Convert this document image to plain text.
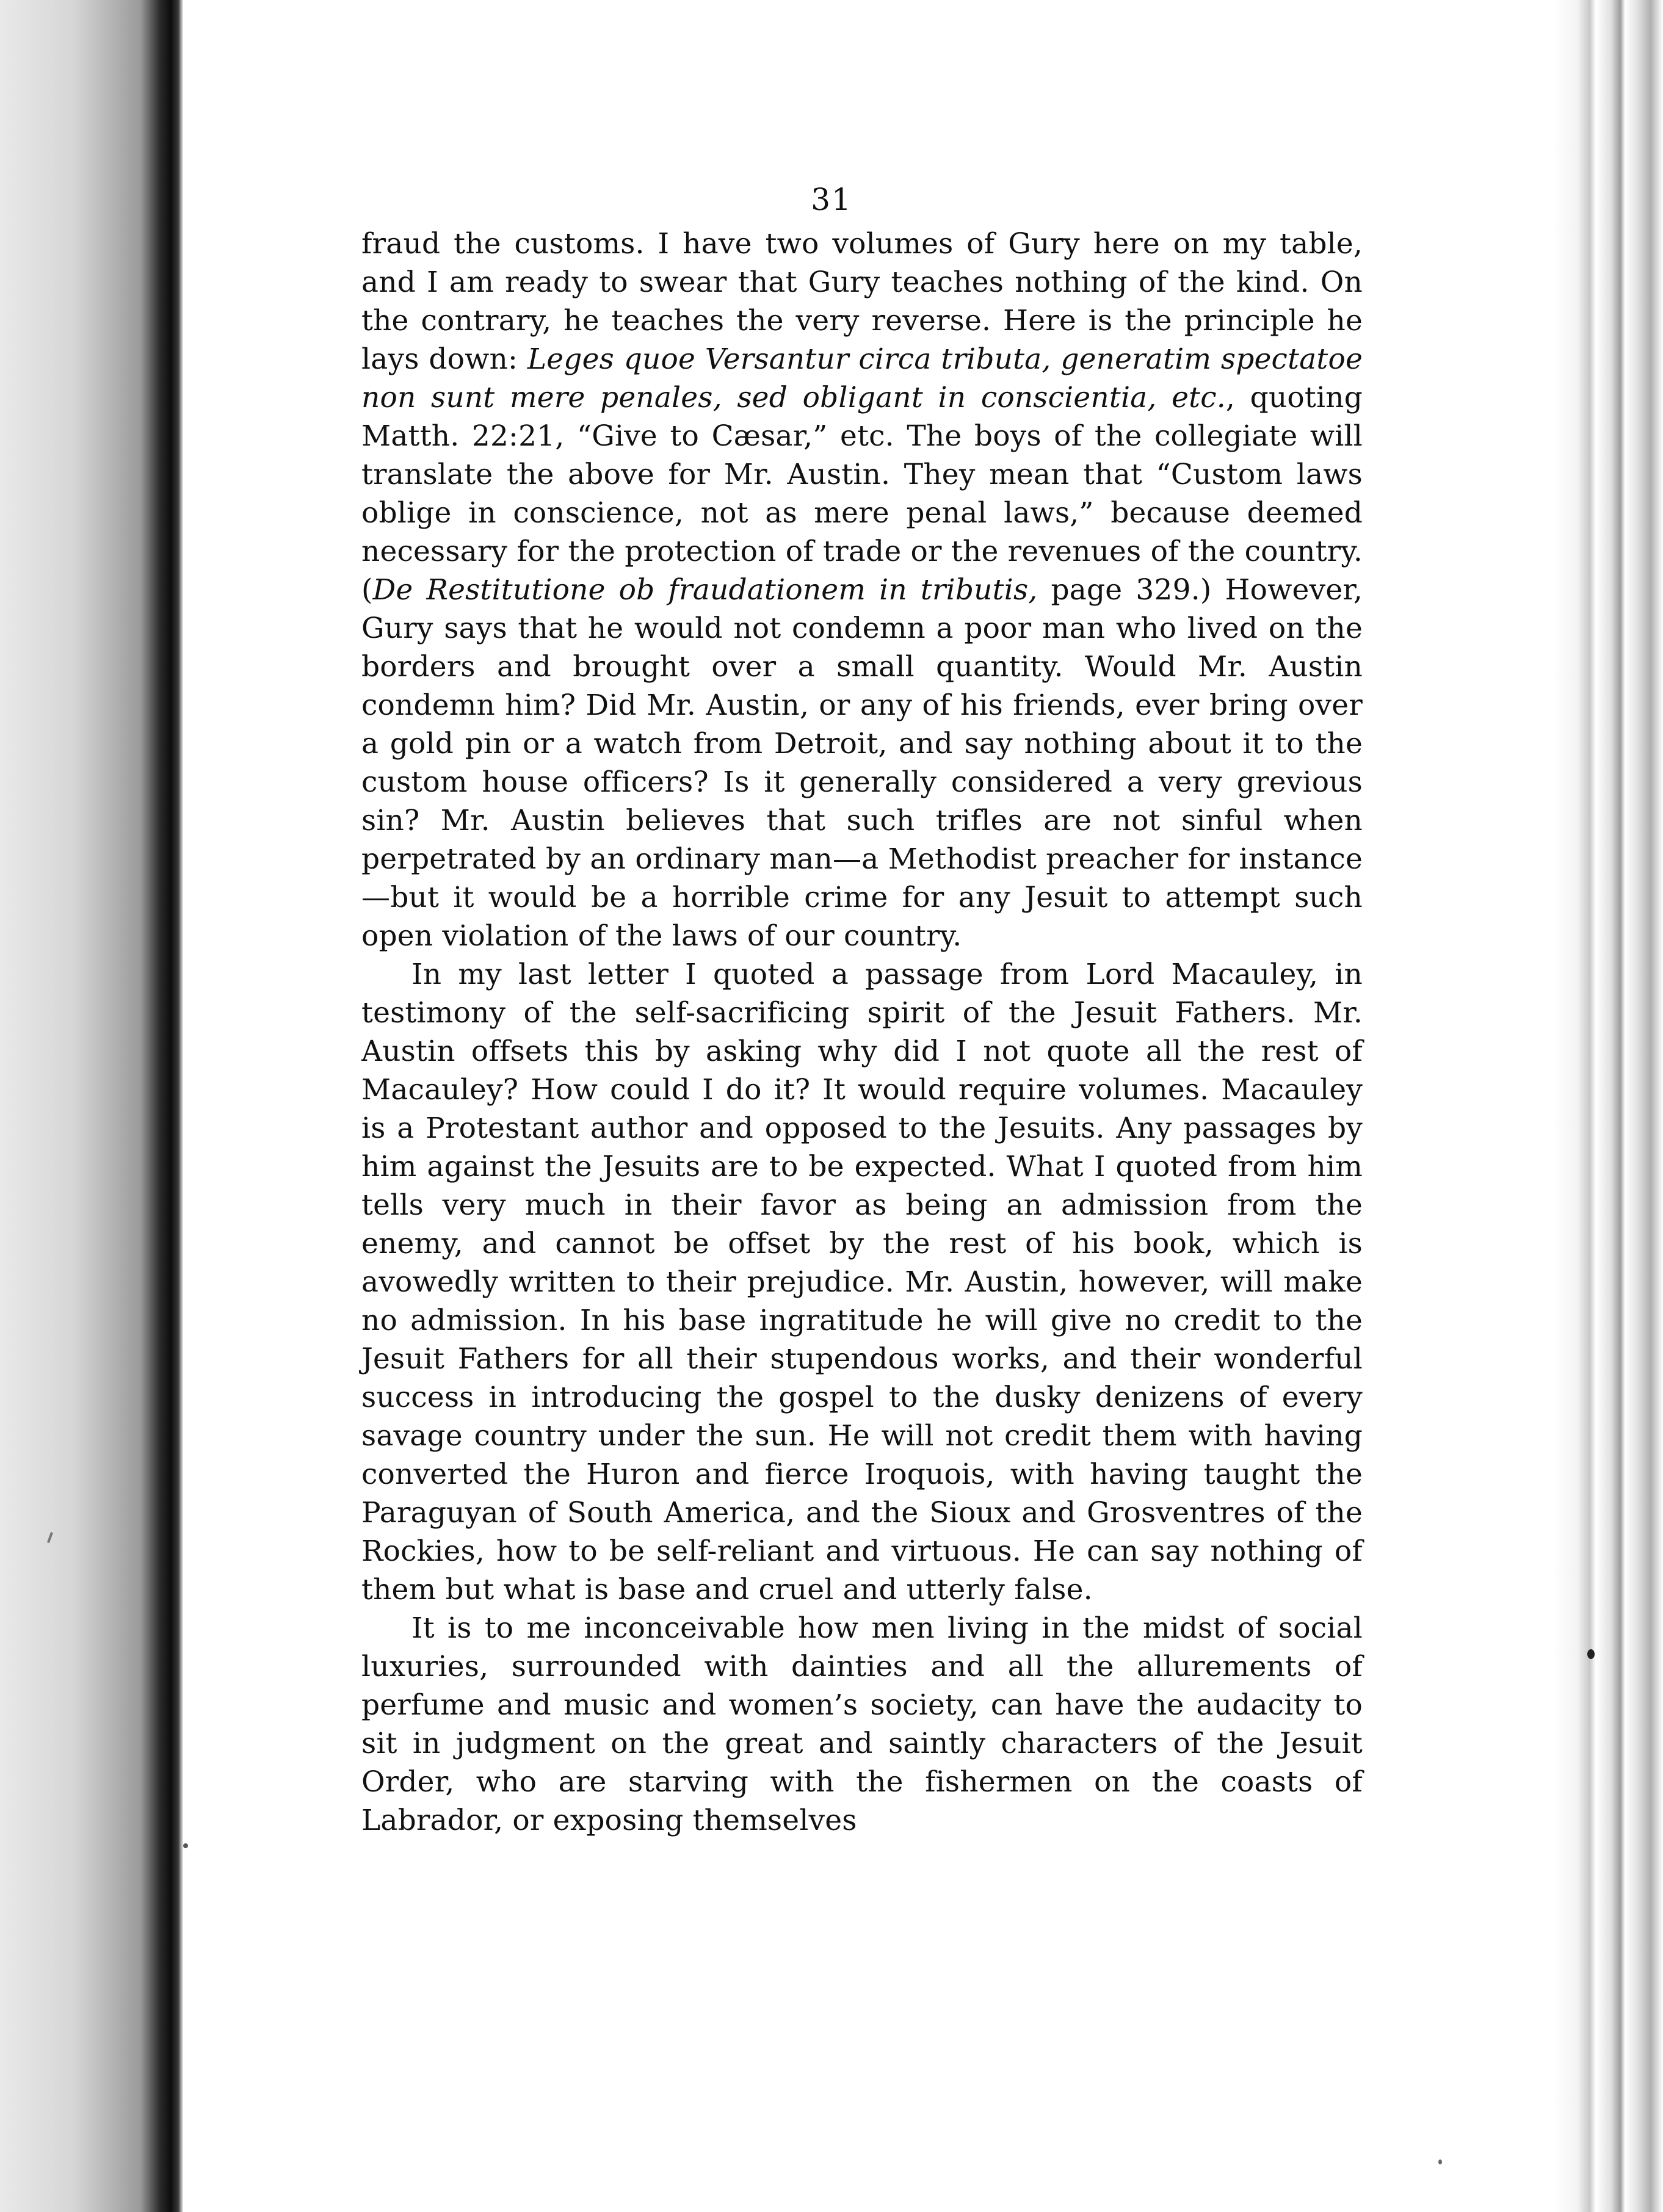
31

fraud the customs. I have two volumes of Gury here on my table, and I am ready to swear that Gury teaches nothing of the kind. On the contrary, he teaches the very reverse. Here is the principle he lays down: Leges quoe Versantur circa tributa, generatim spectatoe non sunt mere penales, sed obligant in conscientia, etc., quoting Matth. 22:21, “Give to Cæsar,” etc. The boys of the collegiate will translate the above for Mr. Austin. They mean that “Custom laws oblige in conscience, not as mere penal laws,” because deemed necessary for the protection of trade or the revenues of the country. (De Restitutione ob fraudationem in tributis, page 329.) However, Gury says that he would not condemn a poor man who lived on the borders and brought over a small quantity. Would Mr. Austin condemn him? Did Mr. Austin, or any of his friends, ever bring over a gold pin or a watch from Detroit, and say nothing about it to the custom house officers? Is it generally considered a very grevious sin? Mr. Austin believes that such trifles are not sinful when perpetrated by an ordinary man—a Methodist preacher for instance—but it would be a horrible crime for any Jesuit to attempt such open violation of the laws of our country.

In my last letter I quoted a passage from Lord Macauley, in testimony of the self-sacrificing spirit of the Jesuit Fathers. Mr. Austin offsets this by asking why did I not quote all the rest of Macauley? How could I do it? It would require volumes. Macauley is a Protestant author and opposed to the Jesuits. Any passages by him against the Jesuits are to be expected. What I quoted from him tells very much in their favor as being an admission from the enemy, and cannot be offset by the rest of his book, which is avowedly written to their prejudice. Mr. Austin, however, will make no admission. In his base ingratitude he will give no credit to the Jesuit Fathers for all their stupendous works, and their wonderful success in introducing the gospel to the dusky denizens of every savage country under the sun. He will not credit them with having converted the Huron and fierce Iroquois, with having taught the Paraguyan of South America, and the Sioux and Grosventres of the Rockies, how to be self-reliant and virtuous. He can say nothing of them but what is base and cruel and utterly false.

It is to me inconceivable how men living in the midst of social luxuries, surrounded with dainties and all the allurements of perfume and music and women’s society, can have the audacity to sit in judgment on the great and saintly characters of the Jesuit Order, who are starving with the fishermen on the coasts of Labrador, or exposing themselves
